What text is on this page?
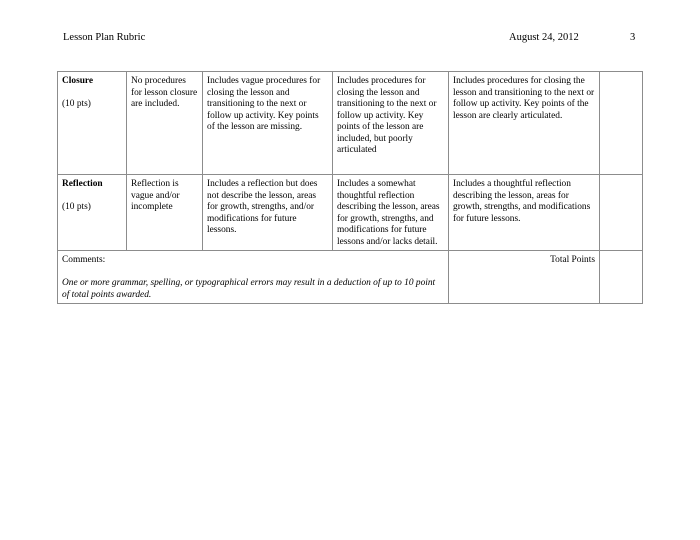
Lesson Plan Rubric	August 24, 2012	3
Closure
(10 pts)	No procedures for lesson closure are included.	Includes vague procedures for closing the lesson and transitioning to the next or follow up activity. Key points of the lesson are missing.	Includes procedures for closing the lesson and transitioning to the next or follow up activity. Key points of the lesson are included, but poorly articulated	Includes procedures for closing the lesson and transitioning to the next or follow up activity. Key points of the lesson are clearly articulated.	

Reflection
(10 pts)	Reflection is vague and/or incomplete	Includes a reflection but does not describe the lesson, areas for growth, strengths, and/or modifications for future lessons.	Includes a somewhat thoughtful reflection describing the lesson, areas for growth, strengths, and modifications for future lessons and/or lacks detail.	Includes a thoughtful reflection describing the lesson, areas for growth, strengths, and modifications for future lessons.	

Comments:
One or more grammar, spelling, or typographical errors may result in a deduction of up to 10 point of total points awarded.				Total Points	
